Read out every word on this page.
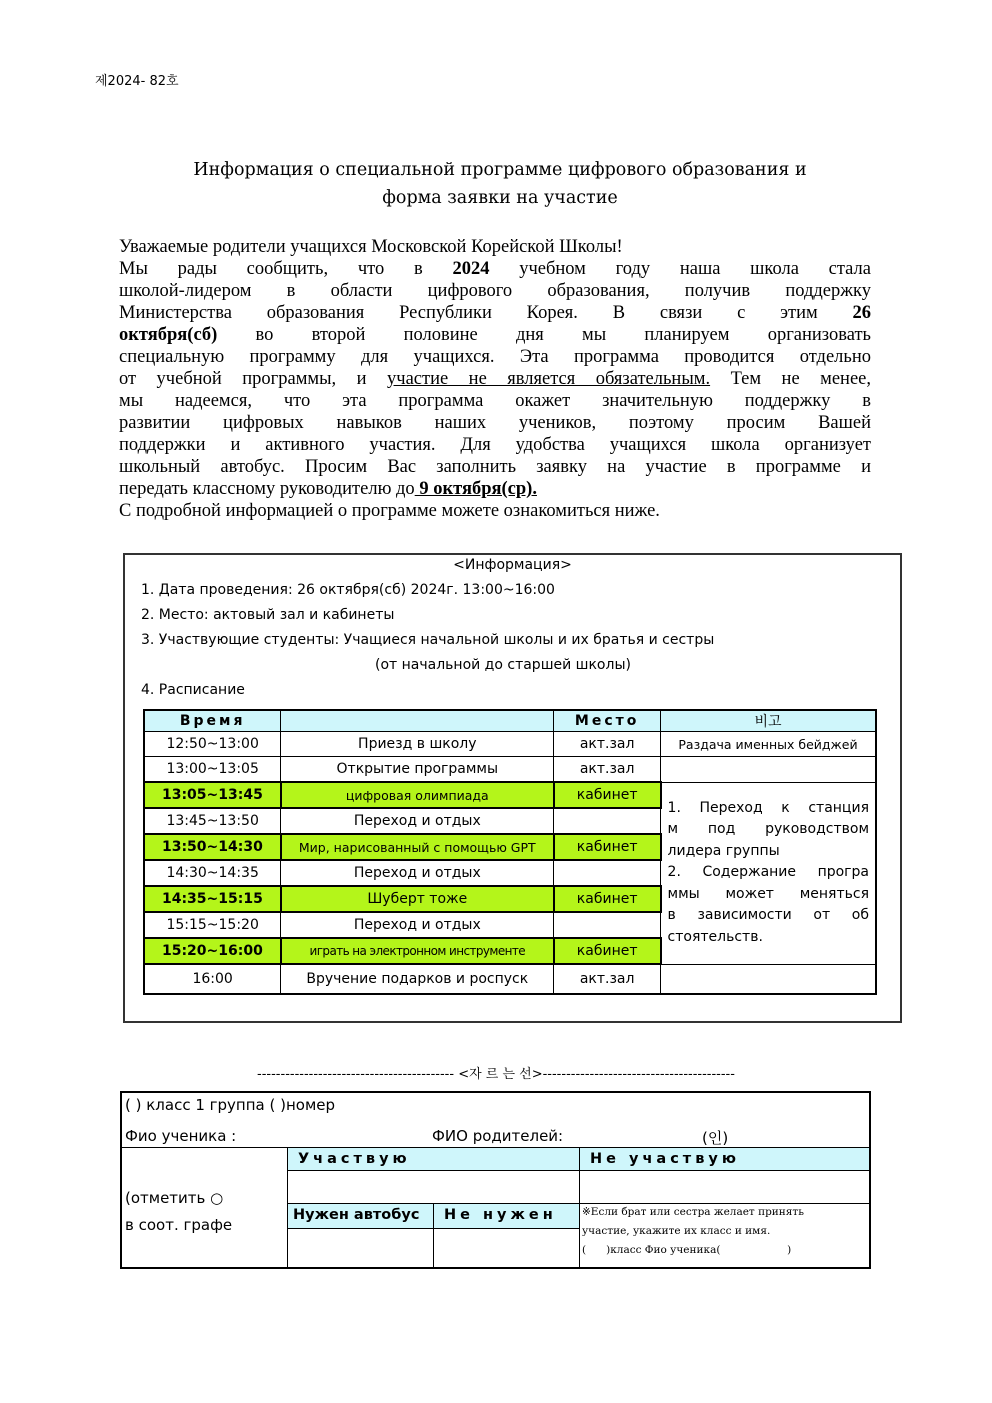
제2024- 82호
Информация о специальной программе цифрового образования и
форма заявки на участие
Уважаемые родители учащихся Московской Корейской Школы!
Мы рады сообщить, что в 2024 учебном году наша школа стала
школой-лидером в области цифрового образования, получив поддержку
Министерства образования Республики Корея. В связи с этим 26
октября(сб) во второй половине дня мы планируем организовать
специальную программу для учащихся. Эта программа проводится отдельно
от учебной программы, и участие не является обязательным. Тем не менее,
мы надеемся, что эта программа окажет значительную поддержку в
развитии цифровых навыков наших учеников, поэтому просим Вашей
поддержки и активного участия. Для удобства учащихся школа организует
школьный автобус. Просим Вас заполнить заявку на участие в программе и
передать классному руководителю до 9 октября(ср).
С подробной информацией о программе можете ознакомиться ниже.
<Информация>
1. Дата проведения: 26 октября(сб) 2024г. 13:00~16:00
2. Место: актовый зал и кабинеты
3. Участвующие студенты: Учащиеся начальной школы и их братья и сестры
(от начальной до старшей школы)
4. Расписание
Время		Место	비고
12:50~13:00	Приезд в школу	акт.зал	Раздача именных бейджей
13:00~13:05	Открытие программы	акт.зал	
13:05~13:45	цифровая олимпиада	кабинет	
1. Переход к станция
м под руководством
лидера группы
2. Содержание програ
ммы может меняться
в зависимости от об
стоятельств.

13:45~13:50	Переход и отдых		
13:50~14:30	Мир, нарисованный с помощью GPT	кабинет	
14:30~14:35	Переход и отдых		
14:35~15:15	Шуберт тоже	кабинет	
15:15~15:20	Переход и отдых		
15:20~16:00	играть на электронном инструменте	кабинет	
16:00	Вручение подарков и роспуск	акт.зал	
------------------------------------------ <자 르 는 선>-----------------------------------------
( ) класс 1 группа ( )номер
Фио ученика :	ФИО родителей:	(인)
Участвую	Не участвую
Нужен автобус	Не нужен
(отметить ○
в соот. графе
※Если брат или сестра желает принять
участие, укажите их класс и имя.
(      )класс Фио ученика(                    )
